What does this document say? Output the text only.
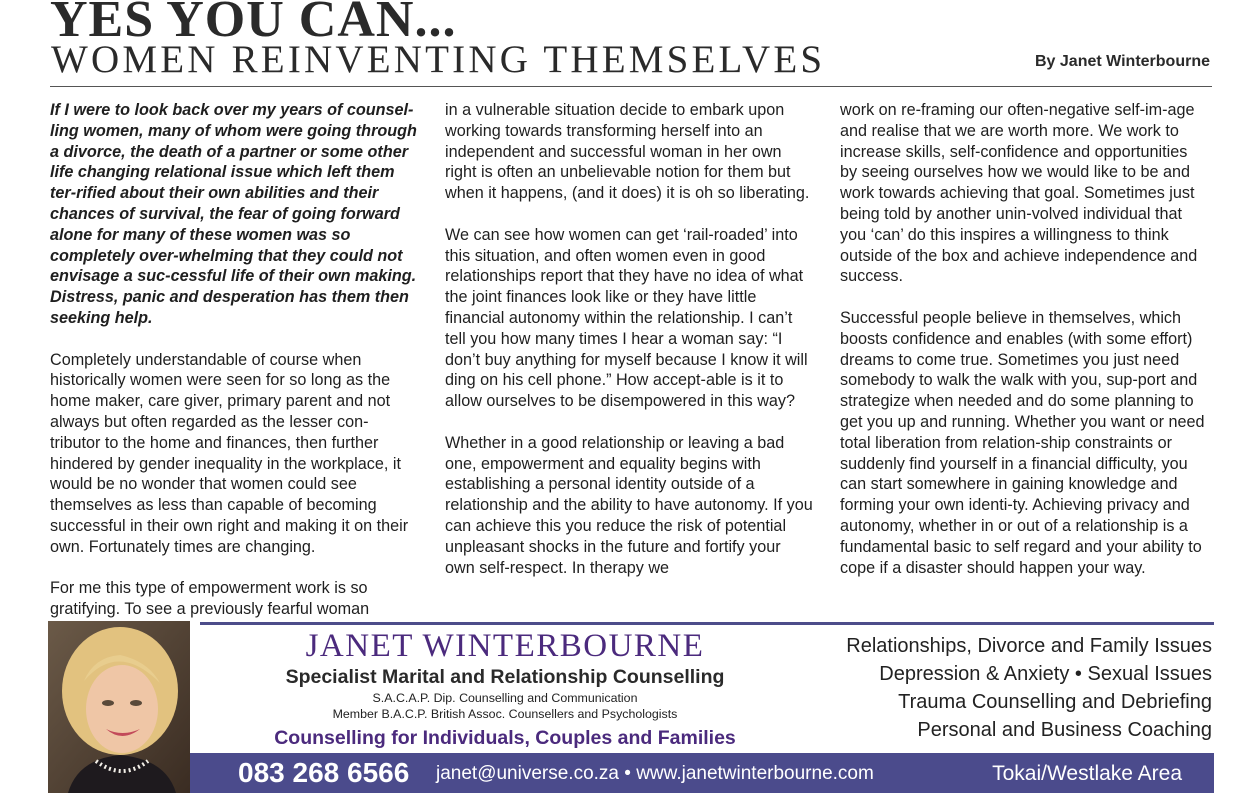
YES YOU CAN...
WOMEN REINVENTING THEMSELVES	By Janet Winterbourne

If I were to look back over my years of counsel-ling women, many of whom were going through a divorce, the death of a partner or some other life changing relational issue which left them ter-rified about their own abilities and their chances of survival, the fear of going forward alone for many of these women was so completely over-whelming that they could not envisage a suc-cessful life of their own making. Distress, panic and desperation has them then seeking help.

Completely understandable of course when historically women were seen for so long as the home maker, care giver, primary parent and not always but often regarded as the lesser con-tributor to the home and finances, then further hindered by gender inequality in the workplace, it would be no wonder that women could see themselves as less than capable of becoming successful in their own right and making it on their own. Fortunately times are changing.

For me this type of empowerment work is so gratifying. To see a previously fearful woman

in a vulnerable situation decide to embark upon working towards transforming herself into an independent and successful woman in her own right is often an unbelievable notion for them but when it happens, (and it does) it is oh so liberating.

We can see how women can get ‘rail-roaded’ into this situation, and often women even in good relationships report that they have no idea of what the joint finances look like or they have little financial autonomy within the relationship. I can’t tell you how many times I hear a woman say: “I don’t buy anything for myself because I know it will ding on his cell phone.” How accept-able is it to allow ourselves to be disempowered in this way?

Whether in a good relationship or leaving a bad one, empowerment and equality begins with establishing a personal identity outside of a relationship and the ability to have autonomy. If you can achieve this you reduce the risk of potential unpleasant shocks in the future and fortify your own self-respect. In therapy we

work on re-framing our often-negative self-im-age and realise that we are worth more. We work to increase skills, self-confidence and opportunities by seeing ourselves how we would like to be and work towards achieving that goal. Sometimes just being told by another unin-volved individual that you ‘can’ do this inspires a willingness to think outside of the box and achieve independence and success.

Successful people believe in themselves, which boosts confidence and enables (with some effort) dreams to come true. Sometimes you just need somebody to walk the walk with you, sup-port and strategize when needed and do some planning to get you up and running. Whether you want or need total liberation from relation-ship constraints or suddenly find yourself in a financial difficulty, you can start somewhere in gaining knowledge and forming your own identi-ty. Achieving privacy and autonomy, whether in or out of a relationship is a fundamental basic to self regard and your ability to cope if a disaster should happen your way.

JANET WINTERBOURNE
Specialist Marital and Relationship Counselling
S.A.C.A.P. Dip. Counselling and Communication
Member B.A.C.P. British Assoc. Counsellers and Psychologists
Counselling for Individuals, Couples and Families
Relationships, Divorce and Family Issues
Depression & Anxiety • Sexual Issues
Trauma Counselling and Debriefing
Personal and Business Coaching
083 268 6566 janet@universe.co.za • www.janetwinterbourne.com	Tokai/Westlake Area
